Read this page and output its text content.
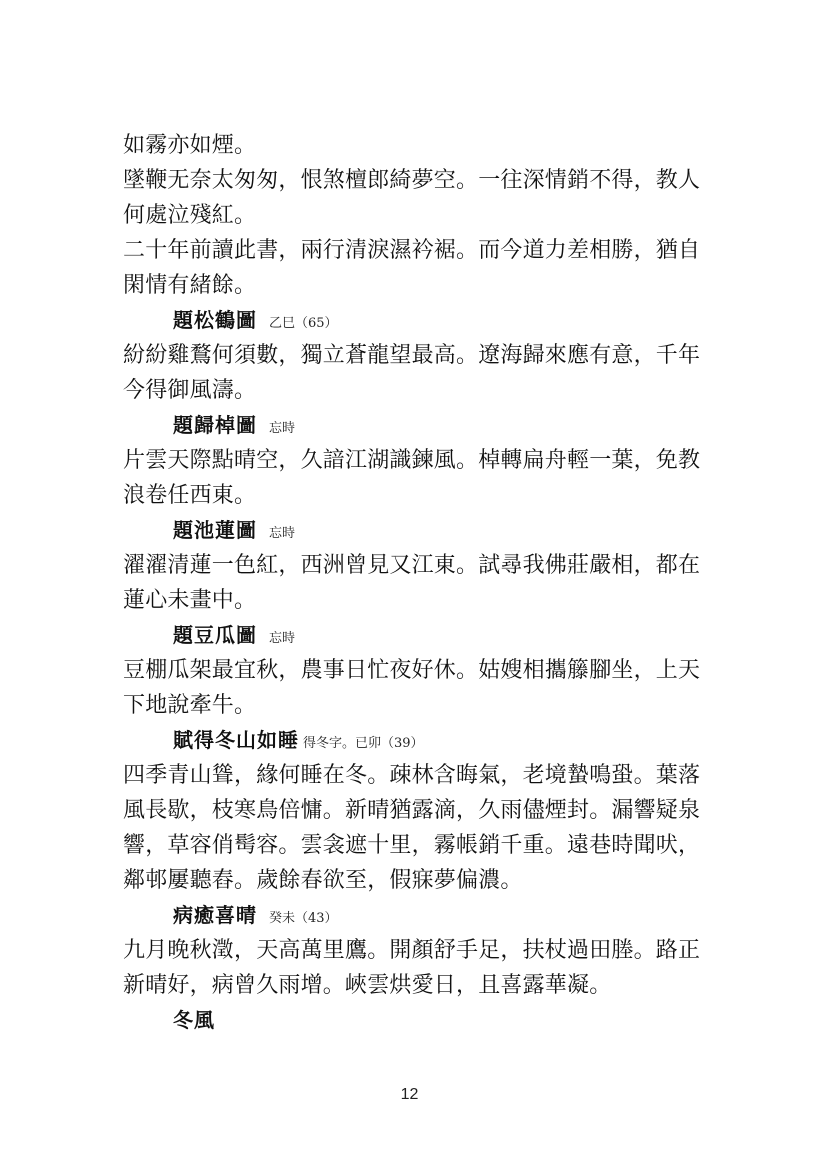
如霧亦如煙。
墜鞭无奈太匆匆，恨煞檀郎綺夢空。一往深情銷不得，教人
何處泣殘紅。
二十年前讀此書，兩行清淚濕衿裾。而今道力差相勝，猶自
閑情有緒餘。
題松鶴圖 乙巳（65）
紛紛雞鶩何須數，獨立蒼龍望最高。遼海歸來應有意，千年
今得御風濤。
題歸棹圖 忘時
片雲天際點晴空，久諳江湖識鍊風。棹轉扁舟輕一葉，免教
浪卷任西東。
題池蓮圖 忘時
濯濯清蓮一色紅，西洲曾見又江東。試尋我佛莊嚴相，都在
蓮心未畫中。
題豆瓜圖 忘時
豆棚瓜架最宜秋，農事日忙夜好休。姑嫂相攜籐腳坐，上天
下地說牽牛。
賦得冬山如睡 得冬字。已卯（39）
四季青山聳，緣何睡在冬。疎林含晦氣，老境蟄鳴蛩。葉落
風長歇，枝寒鳥倍慵。新晴猶露滴，久雨儘煙封。漏響疑泉
響，草容俏髩容。雲衾遮十里，霧帳銷千重。遠巷時聞吠，
鄰邨屢聽舂。歲餘春欲至，假寐夢偏濃。
病癒喜晴 癸未（43）
九月晚秋澂，天高萬里鷹。開顏舒手足，扶杖過田塍。路正
新晴好，病曾久雨增。峽雲烘愛日，且喜露華凝。
冬風
12
